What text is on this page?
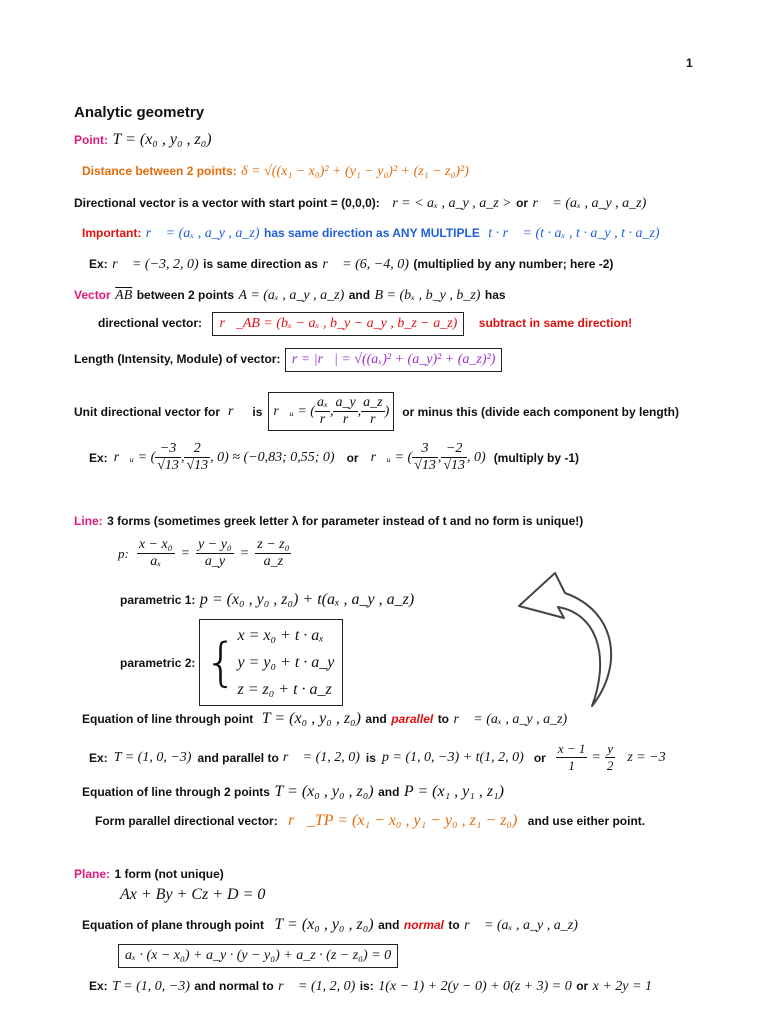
1
Analytic geometry
Point: T = (x₀ , y₀ , z₀)
Distance between 2 points: δ = √((x₁ − x₀)² + (y₁ − y₀)² + (z₁ − z₀)²)
Directional vector is a vector with start point = (0,0,0): r = < aₓ , a_y , a_z > or r⃗ = (aₓ , a_y , a_z)
Important: r⃗ = (aₓ , a_y , a_z) has same direction as ANY MULTIPLE t · r⃗ = (t · aₓ , t · a_y , t · a_z)
Ex: r⃗ = (−3, 2, 0) is same direction as r⃗ = (6, −4, 0) (multiplied by any number; here -2)
Vector $\overline{AB}$ between 2 points A = (aₓ , a_y , a_z) and B = (bₓ , b_y , b_z) has
directional vector: r⃗_AB = (bₓ − aₓ , b_y − a_y , b_z − a_z) subtract in same direction!
Length (Intensity, Module) of vector: r = |r⃗| = √((aₓ)² + (a_y)² + (a_z)²)
Unit directional vector for r⃗ is r⃗ᵤ = ( $\frac{\text{aₓ}}{r}$ , $\frac{a\_y}{r}$ , $\frac{a\_z}{r}$ ) or minus this (divide each component by length)
Ex: r⃗ᵤ = ( $\frac{-3}{√13}$ , $\frac{2}{√13}$ , 0) ≈ (−0,83; 0,55; 0) or r⃗ᵤ = ( $\frac{3}{√13}$ , $\frac{-2}{√13}$ , 0) (multiply by -1)
Line: 3 forms (sometimes greek letter λ for parameter instead of t and no form is unique!)
p: $\frac{\text{x − x₀}}{\text{aₓ}} = \frac{\text{y − y₀}}{a\_y} = \frac{\text{z − z₀}}{a\_z}$
parametric 1: p = (x₀ , y₀ , z₀) + t(aₓ , a_y , a_z)
parametric 2: { x = x₀ + t · aₓ
y = y₀ + t · a_y
z = z₀ + t · a_z
Equation of line through point T = (x₀ , y₀ , z₀) and parallel to r⃗ = (aₓ , a_y , a_z)
Ex: T = (1, 0, −3) and parallel to r⃗ = (1, 2, 0) is p = (1, 0, −3) + t(1, 2, 0) or $\frac{x - 1}{1} = \frac{y}{2}$ z = −3
Equation of line through 2 points T = (x₀ , y₀ , z₀) and P = (x₁ , y₁ , z₁)
Form parallel directional vector: r⃗_TP = (x₁ − x₀ , y₁ − y₀ , z₁ − z₀) and use either point.
Plane: 1 form (not unique)
Ax + By + Cz + D = 0
Equation of plane through point T = (x₀ , y₀ , z₀) and normal to r⃗ = (aₓ , a_y , a_z)
aₓ · (x − x₀) + a_y · (y − y₀) + a_z · (z − z₀) = 0
Ex: T = (1, 0, −3) and normal to r⃗ = (1, 2, 0) is: 1(x − 1) + 2(y − 0) + 0(z + 3) = 0 or x + 2y = 1
